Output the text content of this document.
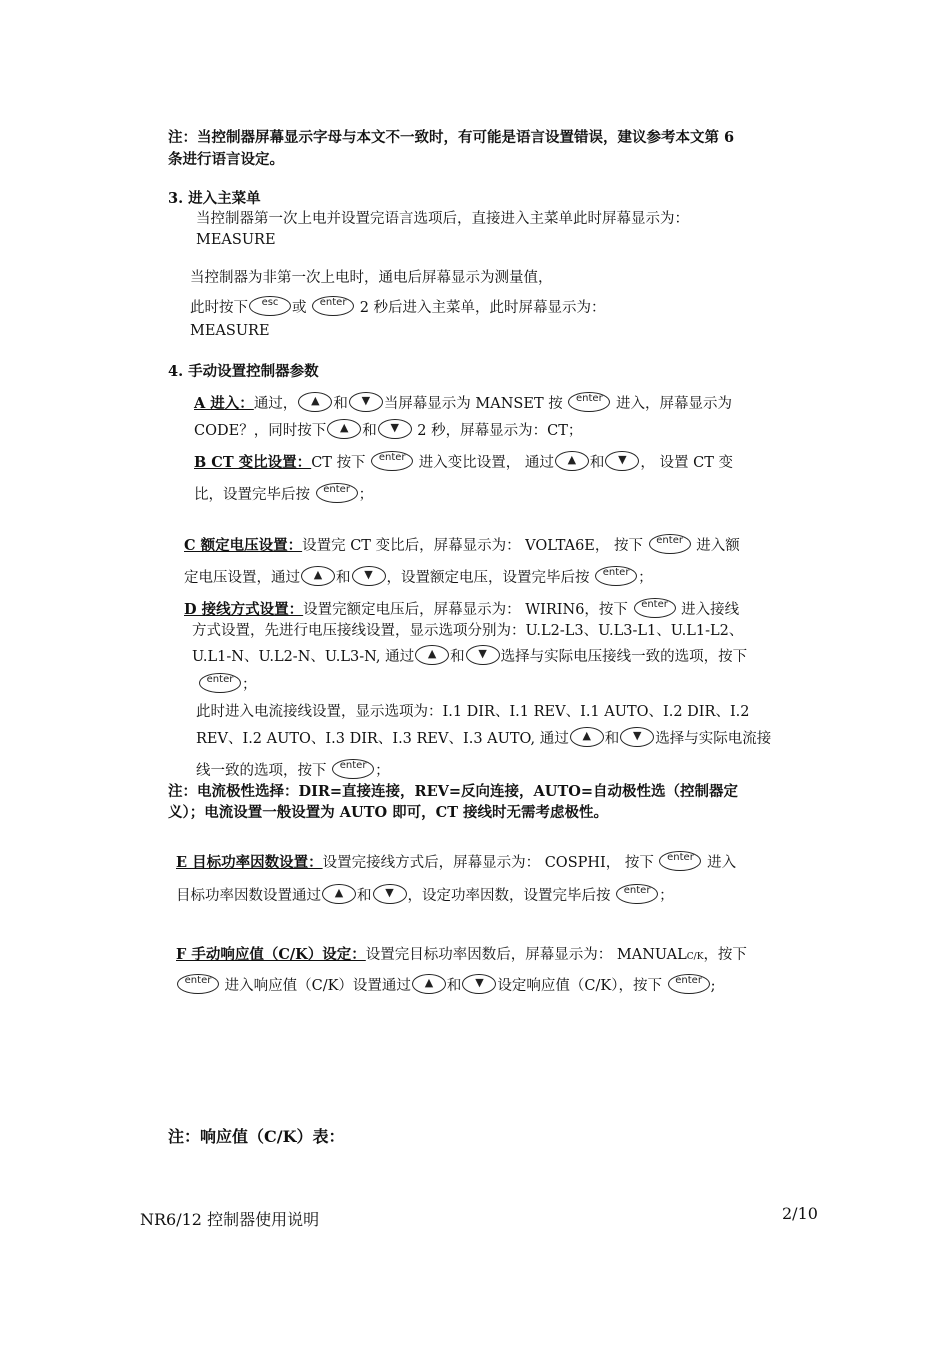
注：当控制器屏幕显示字母与本文不一致时，有可能是语言设置错误，建议参考本文第 6
条进行语言设定。
3. 进入主菜单
当控制器第一次上电并设置完语言选项后，直接进入主菜单此时屏幕显示为：
MEASURE
当控制器为非第一次上电时，通电后屏幕显示为测量值，
此时按下 esc 或 enter 2 秒后进入主菜单，此时屏幕显示为：
MEASURE
4. 手动设置控制器参数
A 进入：通过， ▲ 和 ▼ 当屏幕显示为 MANSET 按 enter 进入，屏幕显示为
CODE？，同时按下 ▲ 和 ▼ 2 秒，屏幕显示为：CT；
B CT 变比设置：CT 按下 enter 进入变比设置， 通过 ▲ 和 ▼ ， 设置 CT 变
比，设置完毕后按 enter ；
C 额定电压设置：设置完 CT 变比后，屏幕显示为： VOLTA6E， 按下 enter 进入额
定电压设置，通过 ▲ 和 ▼ ，设置额定电压，设置完毕后按 enter ；
D 接线方式设置：设置完额定电压后，屏幕显示为： WIRIN6，按下 enter 进入接线
方式设置，先进行电压接线设置，显示选项分别为：U.L2-L3、U.L3-L1、U.L1-L2、
U.L1-N、U.L2-N、U.L3-N, 通过 ▲ 和 ▼ 选择与实际电压接线一致的选项，按下
enter ；
此时进入电流接线设置，显示选项为：I.1 DIR、I.1 REV、I.1 AUTO、I.2 DIR、I.2
REV、I.2 AUTO、I.3 DIR、I.3 REV、I.3 AUTO, 通过 ▲ 和 ▼ 选择与实际电流接
线一致的选项，按下 enter ；
注：电流极性选择：DIR=直接连接，REV=反向连接，AUTO=自动极性选（控制器定
义）；电流设置一般设置为 AUTO 即可，CT 接线时无需考虑极性。
E 目标功率因数设置：设置完接线方式后，屏幕显示为： COSPHI， 按下 enter 进入
目标功率因数设置通过 ▲ 和 ▼ ，设定功率因数，设置完毕后按 enter ；
F 手动响应值（C/K）设定：设置完目标功率因数后，屏幕显示为： MANUALC/K，按下
enter 进入响应值（C/K）设置通过 ▲ 和 ▼ 设定响应值（C/K），按下 enter ;
注：响应值（C/K）表：
NR6/12 控制器使用说明	2/10
